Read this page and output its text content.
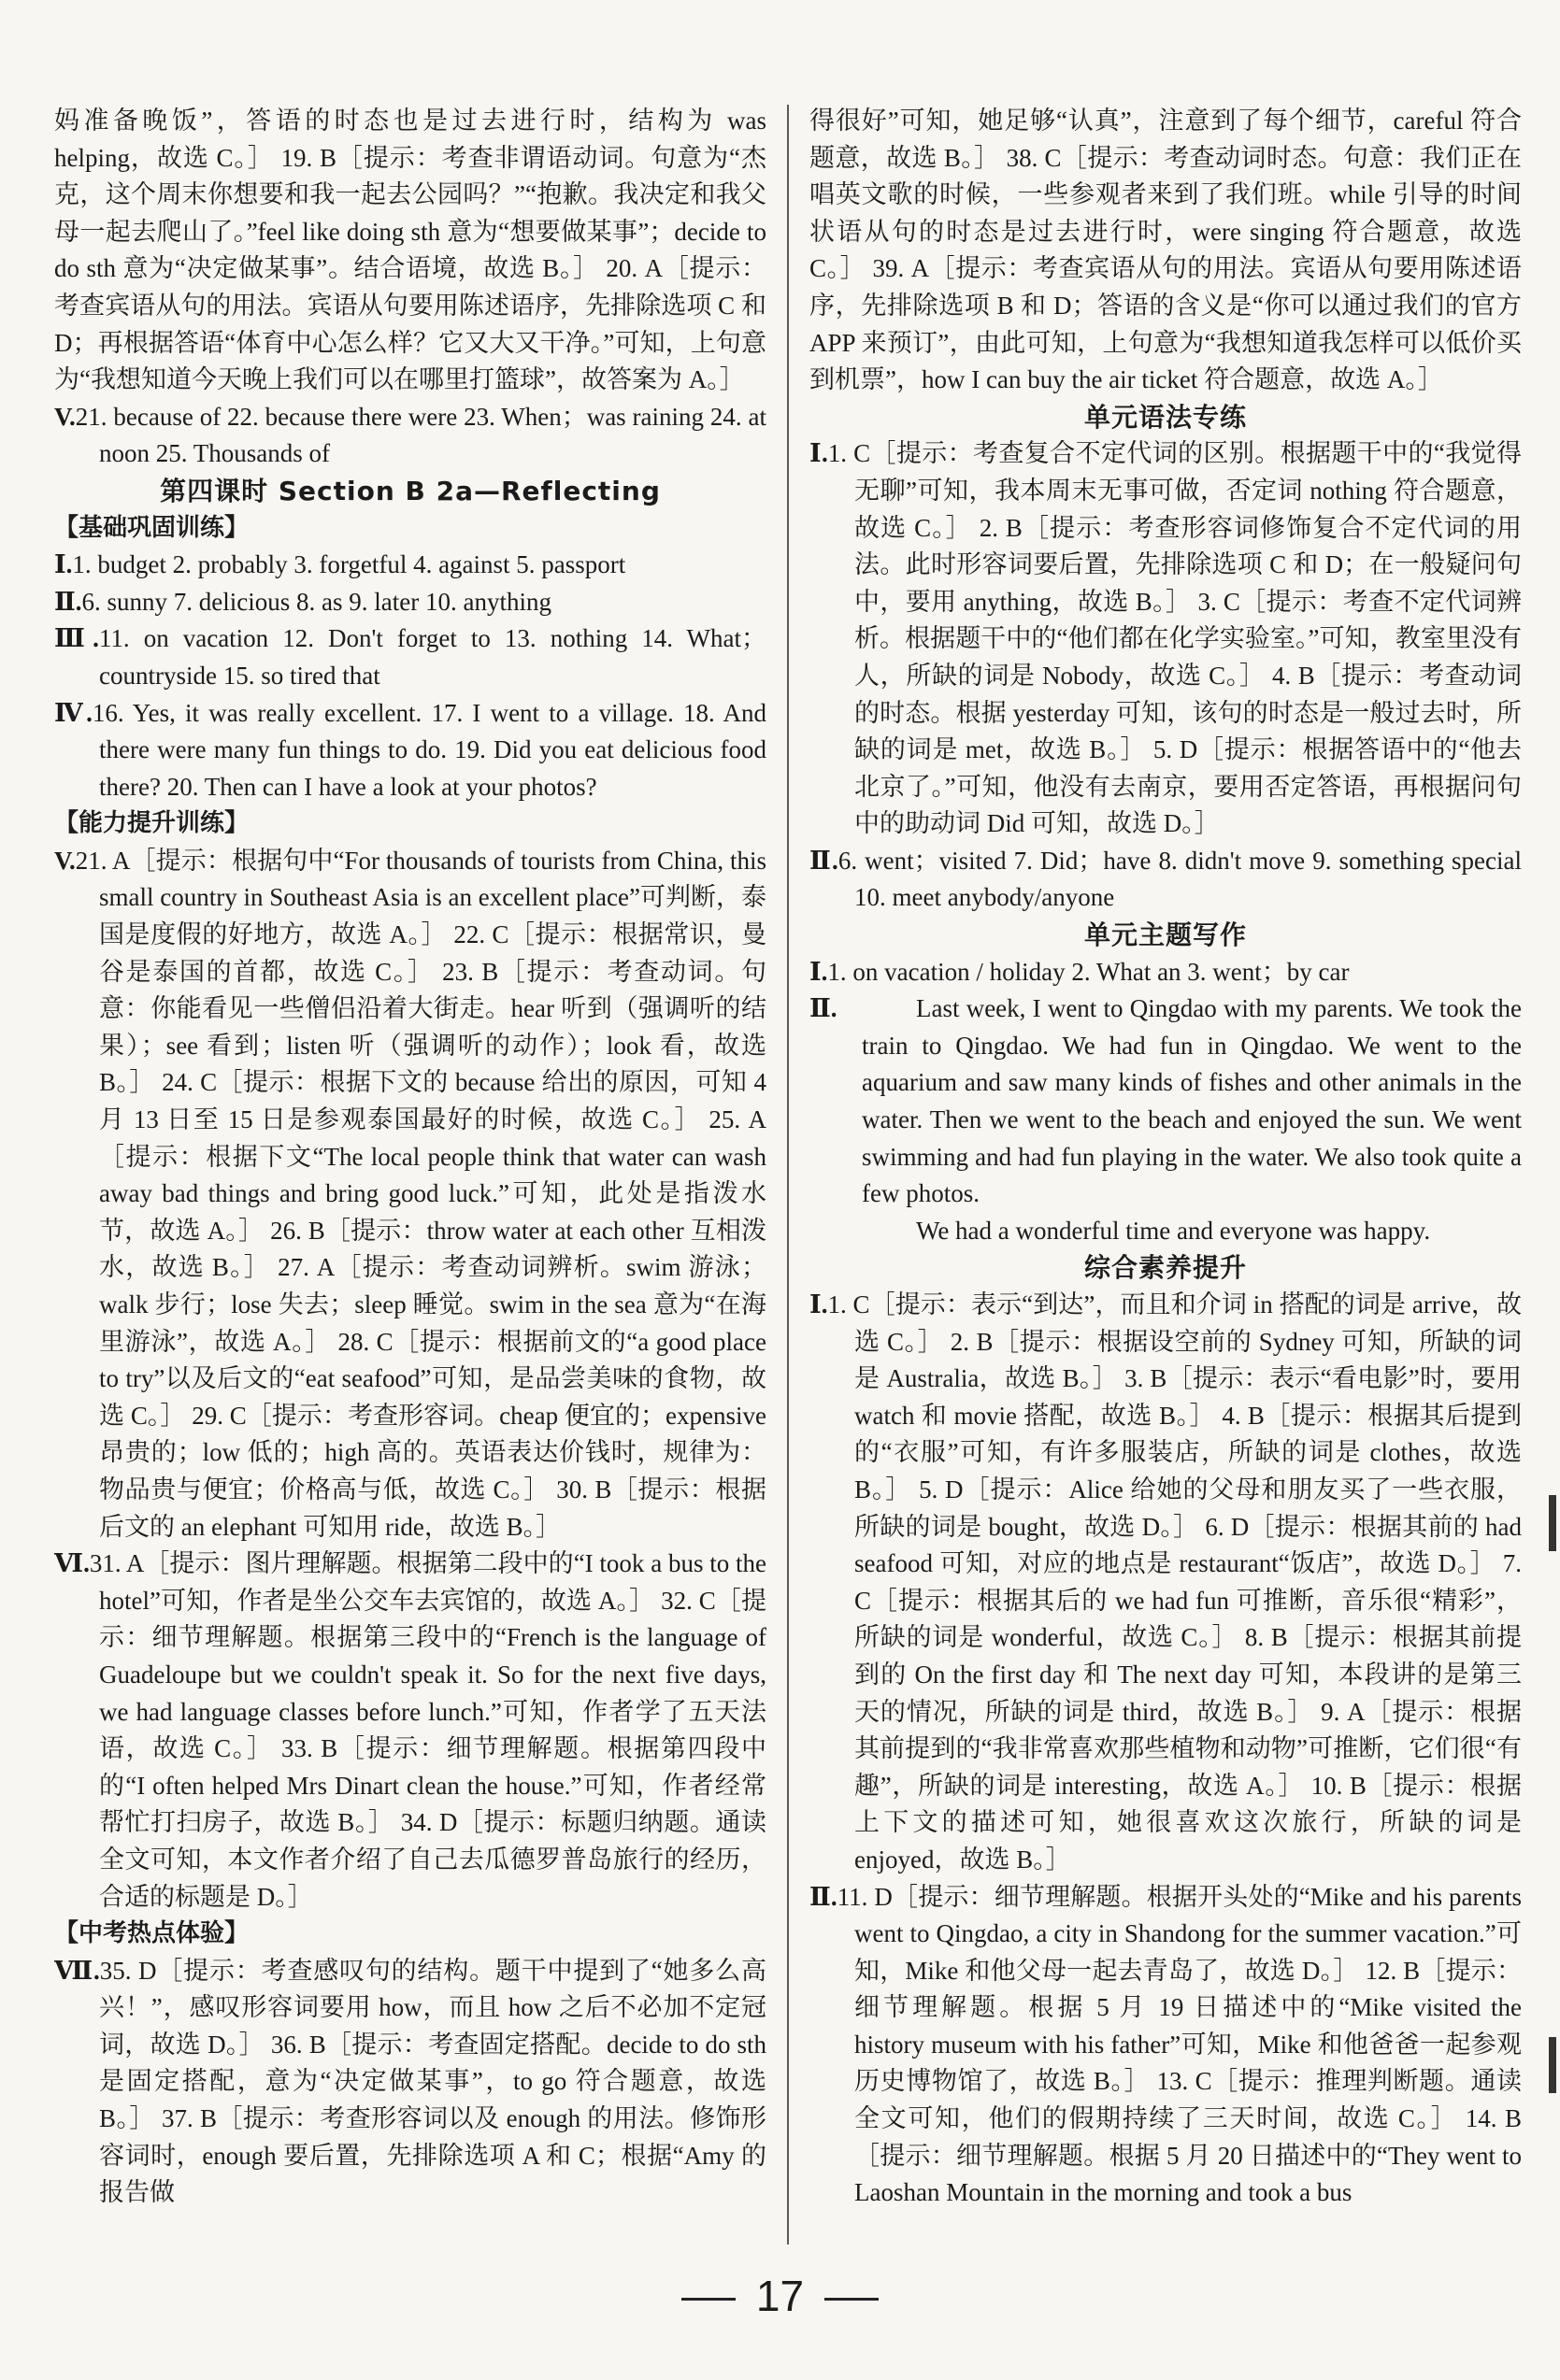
妈准备晚饭”，答语的时态也是过去进行时，结构为 was helping，故选 C。］ 19. B［提示：考查非谓语动词。句意为“杰克，这个周末你想要和我一起去公园吗？”“抱歉。我决定和我父母一起去爬山了。”feel like doing sth 意为“想要做某事”；decide to do sth 意为“决定做某事”。结合语境，故选 B。］ 20. A［提示：考查宾语从句的用法。宾语从句要用陈述语序，先排除选项 C 和 D；再根据答语“体育中心怎么样？它又大又干净。”可知，上句意为“我想知道今天晚上我们可以在哪里打篮球”，故答案为 A。］

V.21. because of 22. because there were 23. When；was raining 24. at noon 25. Thousands of

第四课时 Section B 2a—Reflecting

【基础巩固训练】

Ⅰ.1. budget 2. probably 3. forgetful 4. against 5. passport

Ⅱ.6. sunny 7. delicious 8. as 9. later 10. anything

Ⅲ.11. on vacation 12. Don't forget to 13. nothing 14. What；countryside 15. so tired that

Ⅳ.16. Yes, it was really excellent. 17. I went to a village. 18. And there were many fun things to do. 19. Did you eat delicious food there? 20. Then can I have a look at your photos?

【能力提升训练】

V.21. A［提示：根据句中“For thousands of tourists from China, this small country in Southeast Asia is an excellent place”可判断，泰国是度假的好地方，故选 A。］ 22. C［提示：根据常识，曼谷是泰国的首都，故选 C。］ 23. B［提示：考查动词。句意：你能看见一些僧侣沿着大街走。hear 听到（强调听的结果）；see 看到；listen 听（强调听的动作）；look 看，故选 B。］ 24. C［提示：根据下文的 because 给出的原因，可知 4 月 13 日至 15 日是参观泰国最好的时候，故选 C。］ 25. A［提示：根据下文“The local people think that water can wash away bad things and bring good luck.”可知，此处是指泼水节，故选 A。］ 26. B［提示：throw water at each other 互相泼水，故选 B。］ 27. A［提示：考查动词辨析。swim 游泳；walk 步行；lose 失去；sleep 睡觉。swim in the sea 意为“在海里游泳”，故选 A。］ 28. C［提示：根据前文的“a good place to try”以及后文的“eat seafood”可知，是品尝美味的食物，故选 C。］ 29. C［提示：考查形容词。cheap 便宜的；expensive 昂贵的；low 低的；high 高的。英语表达价钱时，规律为：物品贵与便宜；价格高与低，故选 C。］ 30. B［提示：根据后文的 an elephant 可知用 ride，故选 B。］

Ⅵ.31. A［提示：图片理解题。根据第二段中的“I took a bus to the hotel”可知，作者是坐公交车去宾馆的，故选 A。］ 32. C［提示：细节理解题。根据第三段中的“French is the language of Guadeloupe but we couldn't speak it. So for the next five days, we had language classes before lunch.”可知，作者学了五天法语，故选 C。］ 33. B［提示：细节理解题。根据第四段中的“I often helped Mrs Dinart clean the house.”可知，作者经常帮忙打扫房子，故选 B。］ 34. D［提示：标题归纳题。通读全文可知，本文作者介绍了自己去瓜德罗普岛旅行的经历，合适的标题是 D。］

【中考热点体验】

Ⅶ.35. D［提示：考查感叹句的结构。题干中提到了“她多么高兴！”，感叹形容词要用 how，而且 how 之后不必加不定冠词，故选 D。］ 36. B［提示：考查固定搭配。decide to do sth 是固定搭配，意为“决定做某事”，to go 符合题意，故选 B。］ 37. B［提示：考查形容词以及 enough 的用法。修饰形容词时，enough 要后置，先排除选项 A 和 C；根据“Amy 的报告做

得很好”可知，她足够“认真”，注意到了每个细节，careful 符合题意，故选 B。］ 38. C［提示：考查动词时态。句意：我们正在唱英文歌的时候，一些参观者来到了我们班。while 引导的时间状语从句的时态是过去进行时，were singing 符合题意，故选 C。］ 39. A［提示：考查宾语从句的用法。宾语从句要用陈述语序，先排除选项 B 和 D；答语的含义是“你可以通过我们的官方 APP 来预订”，由此可知，上句意为“我想知道我怎样可以低价买到机票”，how I can buy the air ticket 符合题意，故选 A。］

单元语法专练

Ⅰ.1. C［提示：考查复合不定代词的区别。根据题干中的“我觉得无聊”可知，我本周末无事可做，否定词 nothing 符合题意，故选 C。］ 2. B［提示：考查形容词修饰复合不定代词的用法。此时形容词要后置，先排除选项 C 和 D；在一般疑问句中，要用 anything，故选 B。］ 3. C［提示：考查不定代词辨析。根据题干中的“他们都在化学实验室。”可知，教室里没有人，所缺的词是 Nobody，故选 C。］ 4. B［提示：考查动词的时态。根据 yesterday 可知，该句的时态是一般过去时，所缺的词是 met，故选 B。］ 5. D［提示：根据答语中的“他去北京了。”可知，他没有去南京，要用否定答语，再根据问句中的助动词 Did 可知，故选 D。］

Ⅱ.6. went；visited 7. Did；have 8. didn't move 9. something special 10. meet anybody/anyone

单元主题写作

Ⅰ.1. on vacation / holiday 2. What an 3. went；by car

Ⅱ.	Last week, I went to Qingdao with my parents. We took the train to Qingdao. We had fun in Qingdao. We went to the aquarium and saw many kinds of fishes and other animals in the water. Then we went to the beach and enjoyed the sun. We went swimming and had fun playing in the water. We also took quite a few photos.

We had a wonderful time and everyone was happy.

综合素养提升

Ⅰ.1. C［提示：表示“到达”，而且和介词 in 搭配的词是 arrive，故选 C。］ 2. B［提示：根据设空前的 Sydney 可知，所缺的词是 Australia，故选 B。］ 3. B［提示：表示“看电影”时，要用 watch 和 movie 搭配，故选 B。］ 4. B［提示：根据其后提到的“衣服”可知，有许多服装店，所缺的词是 clothes，故选 B。］ 5. D［提示：Alice 给她的父母和朋友买了一些衣服，所缺的词是 bought，故选 D。］ 6. D［提示：根据其前的 had seafood 可知，对应的地点是 restaurant“饭店”，故选 D。］ 7. C［提示：根据其后的 we had fun 可推断，音乐很“精彩”，所缺的词是 wonderful，故选 C。］ 8. B［提示：根据其前提到的 On the first day 和 The next day 可知，本段讲的是第三天的情况，所缺的词是 third，故选 B。］ 9. A［提示：根据其前提到的“我非常喜欢那些植物和动物”可推断，它们很“有趣”，所缺的词是 interesting，故选 A。］ 10. B［提示：根据上下文的描述可知，她很喜欢这次旅行，所缺的词是 enjoyed，故选 B。］

Ⅱ.11. D［提示：细节理解题。根据开头处的“Mike and his parents went to Qingdao, a city in Shandong for the summer vacation.”可知，Mike 和他父母一起去青岛了，故选 D。］ 12. B［提示：细节理解题。根据 5 月 19 日描述中的“Mike visited the history museum with his father”可知，Mike 和他爸爸一起参观历史博物馆了，故选 B。］ 13. C［提示：推理判断题。通读全文可知，他们的假期持续了三天时间，故选 C。］ 14. B［提示：细节理解题。根据 5 月 20 日描述中的“They went to Laoshan Mountain in the morning and took a bus

17
